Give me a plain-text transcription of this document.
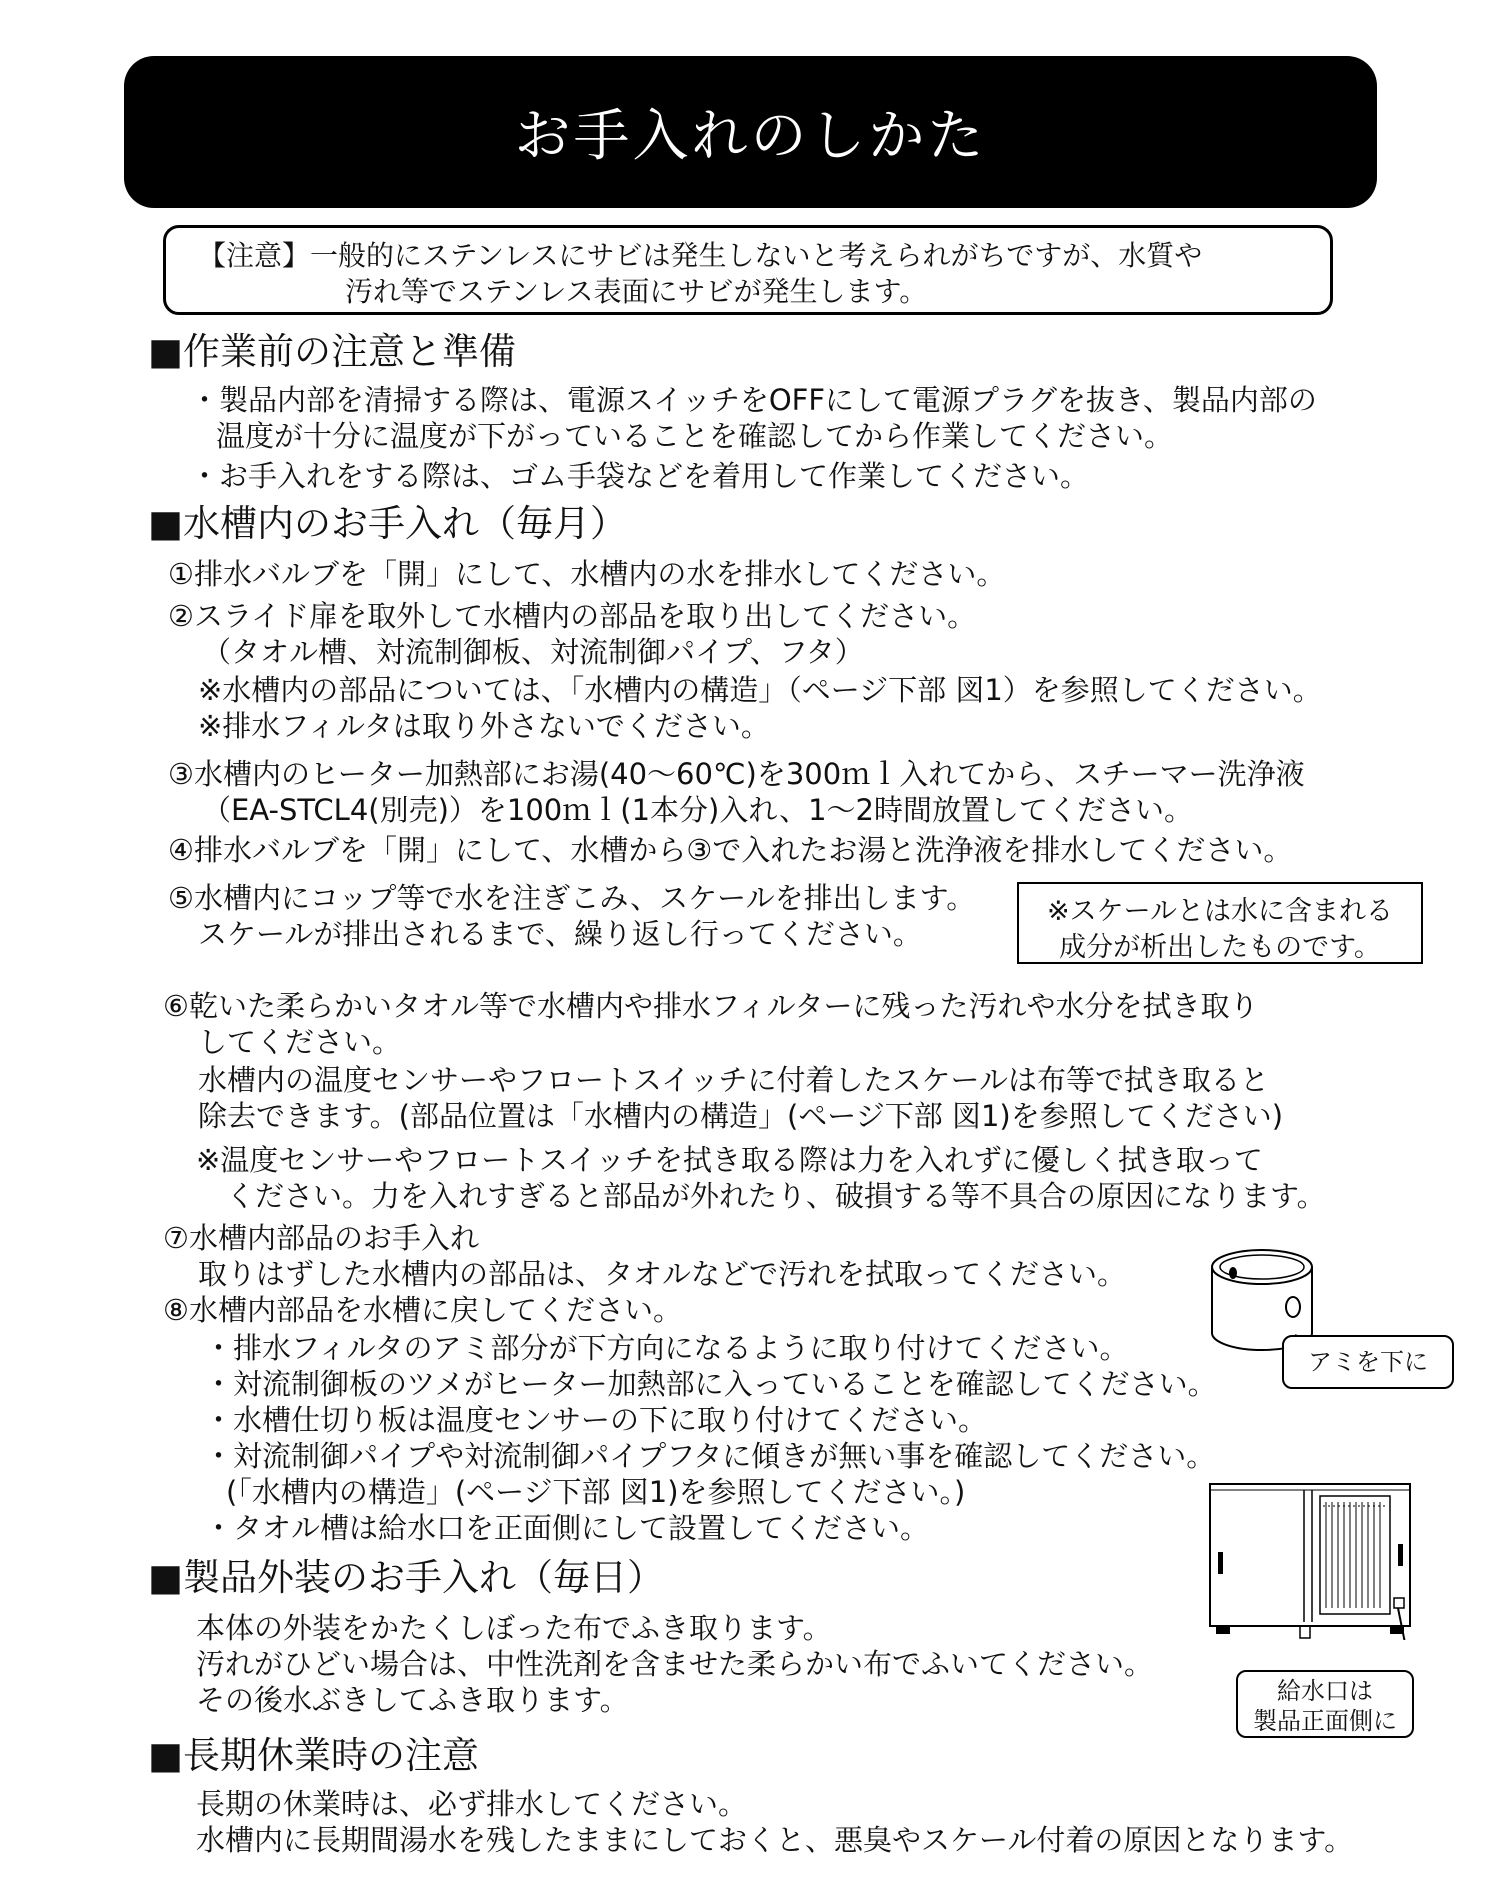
お手入れのしかた
【注意】一般的にステンレスにサビは発生しないと考えられがちですが、水質や
汚れ等でステンレス表面にサビが発生します。
■作業前の注意と準備
・製品内部を清掃する際は、電源スイッチをOFFにして電源プラグを抜き、製品内部の
温度が十分に温度が下がっていることを確認してから作業してください。
・お手入れをする際は、ゴム手袋などを着用して作業してください。
■水槽内のお手入れ（毎月）
①排水バルブを「開」にして、水槽内の水を排水してください。
②スライド扉を取外して水槽内の部品を取り出してください。
（タオル槽、対流制御板、対流制御パイプ、フタ）
※水槽内の部品については、「水槽内の構造」（ページ下部 図1）を参照してください。
※排水フィルタは取り外さないでください。
③水槽内のヒーター加熱部にお湯(40～60℃)を300ｍｌ入れてから、スチーマー洗浄液
（EA-STCL4(別売)）を100ｍｌ(1本分)入れ、1～2時間放置してください。
④排水バルブを「開」にして、水槽から③で入れたお湯と洗浄液を排水してください。
⑤水槽内にコップ等で水を注ぎこみ、スケールを排出します。
スケールが排出されるまで、繰り返し行ってください。
※スケールとは水に含まれる
成分が析出したものです。
⑥乾いた柔らかいタオル等で水槽内や排水フィルターに残った汚れや水分を拭き取り
してください。
水槽内の温度センサーやフロートスイッチに付着したスケールは布等で拭き取ると
除去できます。(部品位置は「水槽内の構造」(ページ下部 図1)を参照してください)
※温度センサーやフロートスイッチを拭き取る際は力を入れずに優しく拭き取って
ください。力を入れすぎると部品が外れたり、破損する等不具合の原因になります。
⑦水槽内部品のお手入れ
取りはずした水槽内の部品は、タオルなどで汚れを拭取ってください。
⑧水槽内部品を水槽に戻してください。
・排水フィルタのアミ部分が下方向になるように取り付けてください。
・対流制御板のツメがヒーター加熱部に入っていることを確認してください。
・水槽仕切り板は温度センサーの下に取り付けてください。
・対流制御パイプや対流制御パイプフタに傾きが無い事を確認してください。
(「水槽内の構造」(ページ下部 図1)を参照してください。)
・タオル槽は給水口を正面側にして設置してください。
アミを下に
給水口は
製品正面側に
■製品外装のお手入れ（毎日）
本体の外装をかたくしぼった布でふき取ります。
汚れがひどい場合は、中性洗剤を含ませた柔らかい布でふいてください。
その後水ぶきしてふき取ります。
■長期休業時の注意
長期の休業時は、必ず排水してください。
水槽内に長期間湯水を残したままにしておくと、悪臭やスケール付着の原因となります。
